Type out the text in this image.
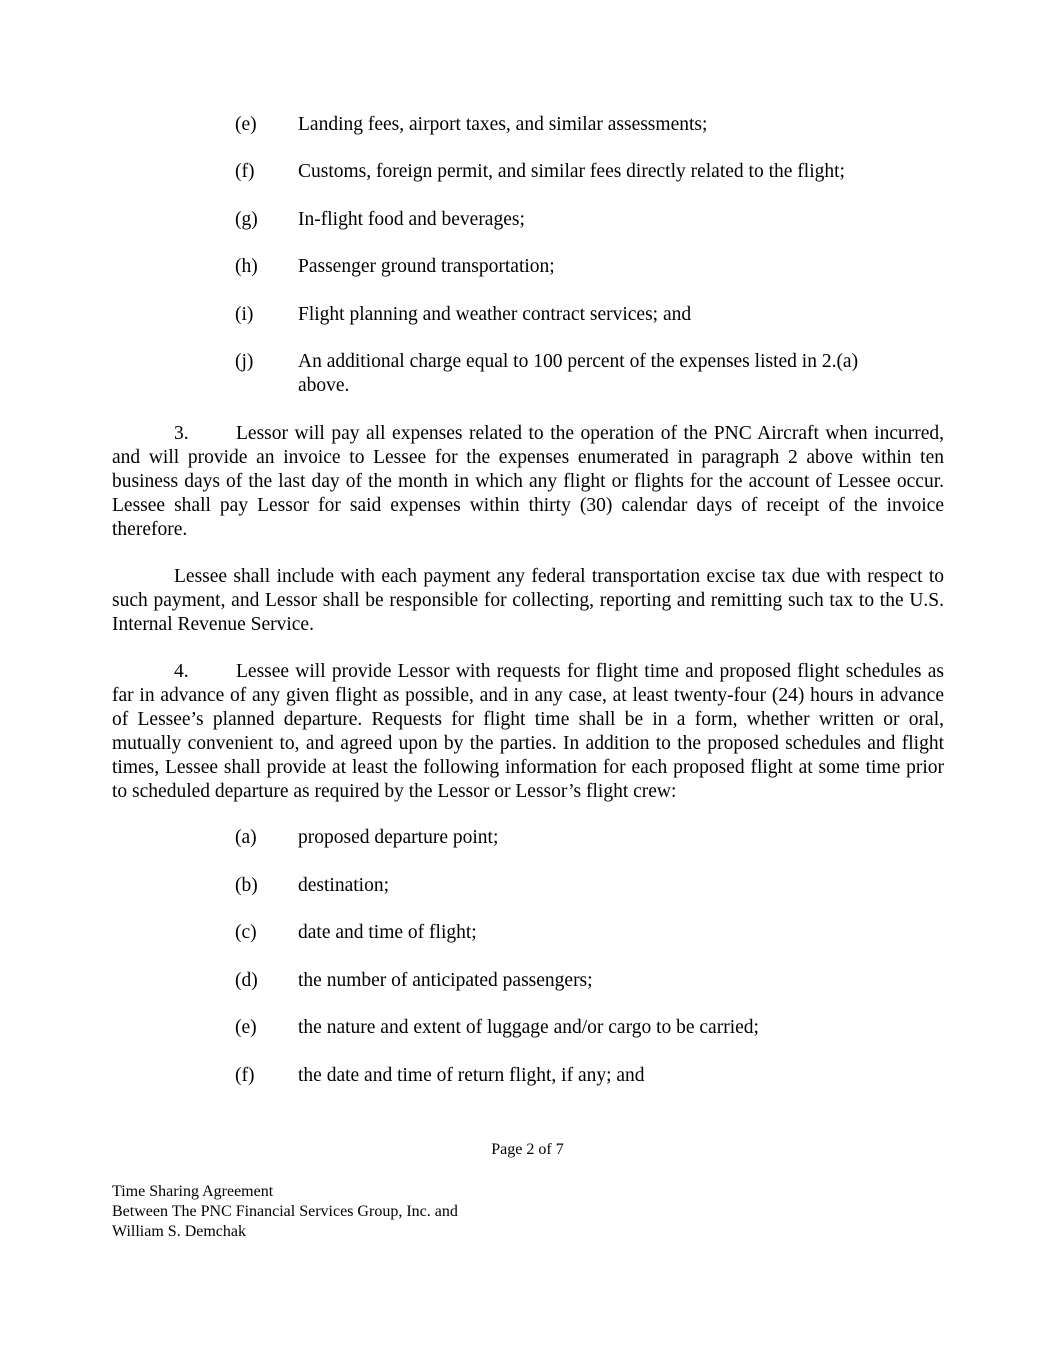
(e)	Landing fees, airport taxes, and similar assessments;
(f)	Customs, foreign permit, and similar fees directly related to the flight;
(g)	In-flight food and beverages;
(h)	Passenger ground transportation;
(i)	Flight planning and weather contract services; and
(j)	An additional charge equal to 100 percent of the expenses listed in 2.(a) above.
3. Lessor will pay all expenses related to the operation of the PNC Aircraft when incurred, and will provide an invoice to Lessee for the expenses enumerated in paragraph 2 above within ten business days of the last day of the month in which any flight or flights for the account of Lessee occur. Lessee shall pay Lessor for said expenses within thirty (30) calendar days of receipt of the invoice therefore.
Lessee shall include with each payment any federal transportation excise tax due with respect to such payment, and Lessor shall be responsible for collecting, reporting and remitting such tax to the U.S. Internal Revenue Service.
4. Lessee will provide Lessor with requests for flight time and proposed flight schedules as far in advance of any given flight as possible, and in any case, at least twenty-four (24) hours in advance of Lessee’s planned departure. Requests for flight time shall be in a form, whether written or oral, mutually convenient to, and agreed upon by the parties. In addition to the proposed schedules and flight times, Lessee shall provide at least the following information for each proposed flight at some time prior to scheduled departure as required by the Lessor or Lessor’s flight crew:
(a)	proposed departure point;
(b)	destination;
(c)	date and time of flight;
(d)	the number of anticipated passengers;
(e)	the nature and extent of luggage and/or cargo to be carried;
(f)	the date and time of return flight, if any; and
Page 2 of 7
Time Sharing Agreement
Between The PNC Financial Services Group, Inc. and
William S. Demchak
